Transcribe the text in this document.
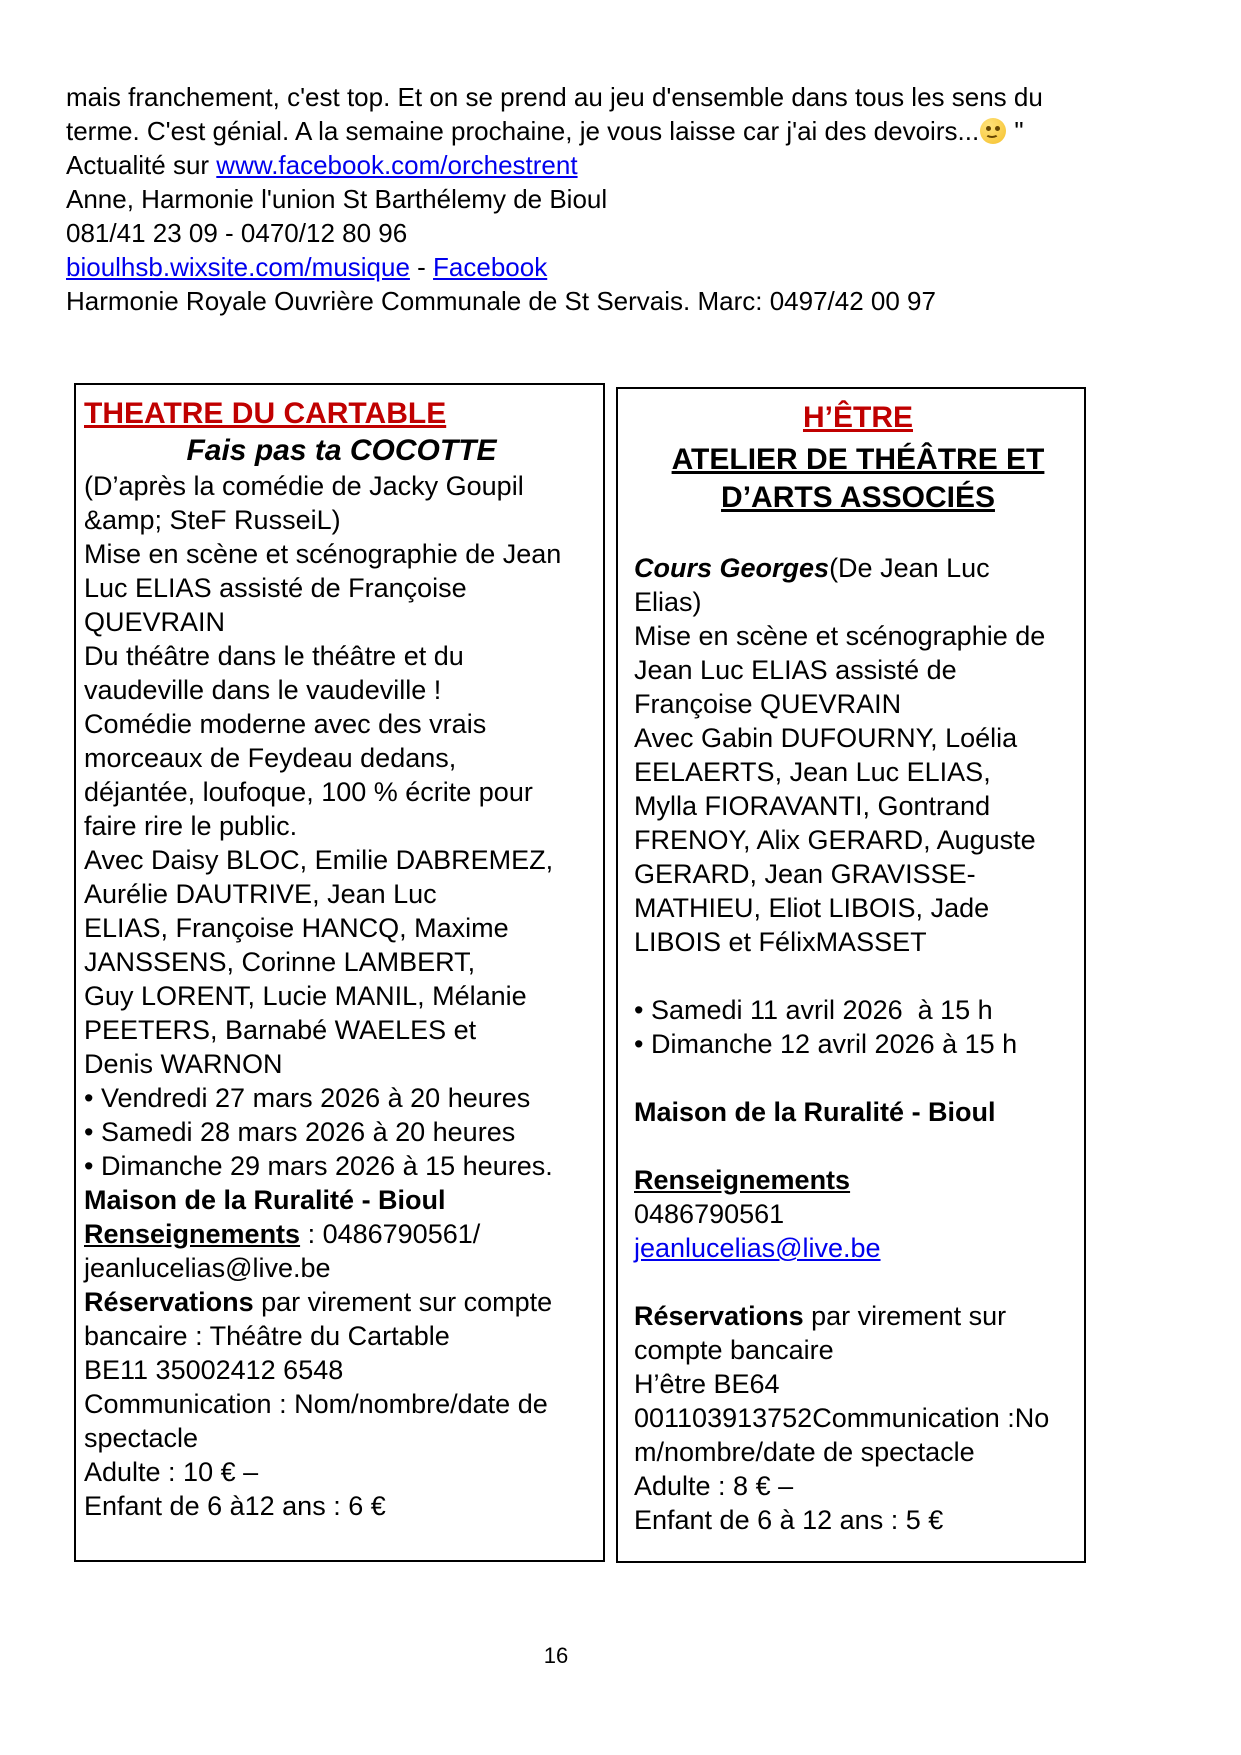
mais franchement, c'est top. Et on se prend au jeu d'ensemble dans tous les sens du
terme. C'est génial. A la semaine prochaine, je vous laisse car j'ai des devoirs... "
Actualité sur www.facebook.com/orchestrent
Anne, Harmonie l'union St Barthélemy de Bioul
081/41 23 09 - 0470/12 80 96
bioulhsb.wixsite.com/musique - Facebook
Harmonie Royale Ouvrière Communale de St Servais. Marc: 0497/42 00 97
THEATRE DU CARTABLE
Fais pas ta COCOTTE
(D’après la comédie de Jacky Goupil
&amp; SteF RusseiL)
Mise en scène et scénographie de Jean
Luc ELIAS assisté de Françoise
QUEVRAIN
Du théâtre dans le théâtre et du
vaudeville dans le vaudeville !
Comédie moderne avec des vrais
morceaux de Feydeau dedans,
déjantée, loufoque, 100 % écrite pour
faire rire le public.
Avec Daisy BLOC, Emilie DABREMEZ,
Aurélie DAUTRIVE, Jean Luc
ELIAS, Françoise HANCQ, Maxime
JANSSENS, Corinne LAMBERT,
Guy LORENT, Lucie MANIL, Mélanie
PEETERS, Barnabé WAELES et
Denis WARNON
• Vendredi 27 mars 2026 à 20 heures
• Samedi 28 mars 2026 à 20 heures
• Dimanche 29 mars 2026 à 15 heures.
Maison de la Ruralité - Bioul
Renseignements : 0486790561/
jeanlucelias@live.be
Réservations par virement sur compte
bancaire : Théâtre du Cartable
BE11 35002412 6548
Communication : Nom/nombre/date de
spectacle
Adulte : 10 € –
Enfant de 6 à12 ans : 6 €
H’ÊTRE
ATELIER DE THÉÂTRE ET
D’ARTS ASSOCIÉS

Cours Georges(De Jean Luc
Elias)
Mise en scène et scénographie de
Jean Luc ELIAS assisté de
Françoise QUEVRAIN
Avec Gabin DUFOURNY, Loélia
EELAERTS, Jean Luc ELIAS,
Mylla FIORAVANTI, Gontrand
FRENOY, Alix GERARD, Auguste
GERARD, Jean GRAVISSE-
MATHIEU, Eliot LIBOIS, Jade
LIBOIS et FélixMASSET

• Samedi 11 avril 2026  à 15 h
• Dimanche 12 avril 2026 à 15 h

Maison de la Ruralité - Bioul

Renseignements
0486790561
jeanlucelias@live.be

Réservations par virement sur
compte bancaire
H’être BE64
001103913752Communication :No
m/nombre/date de spectacle
Adulte : 8 € –
Enfant de 6 à 12 ans : 5 €
16
